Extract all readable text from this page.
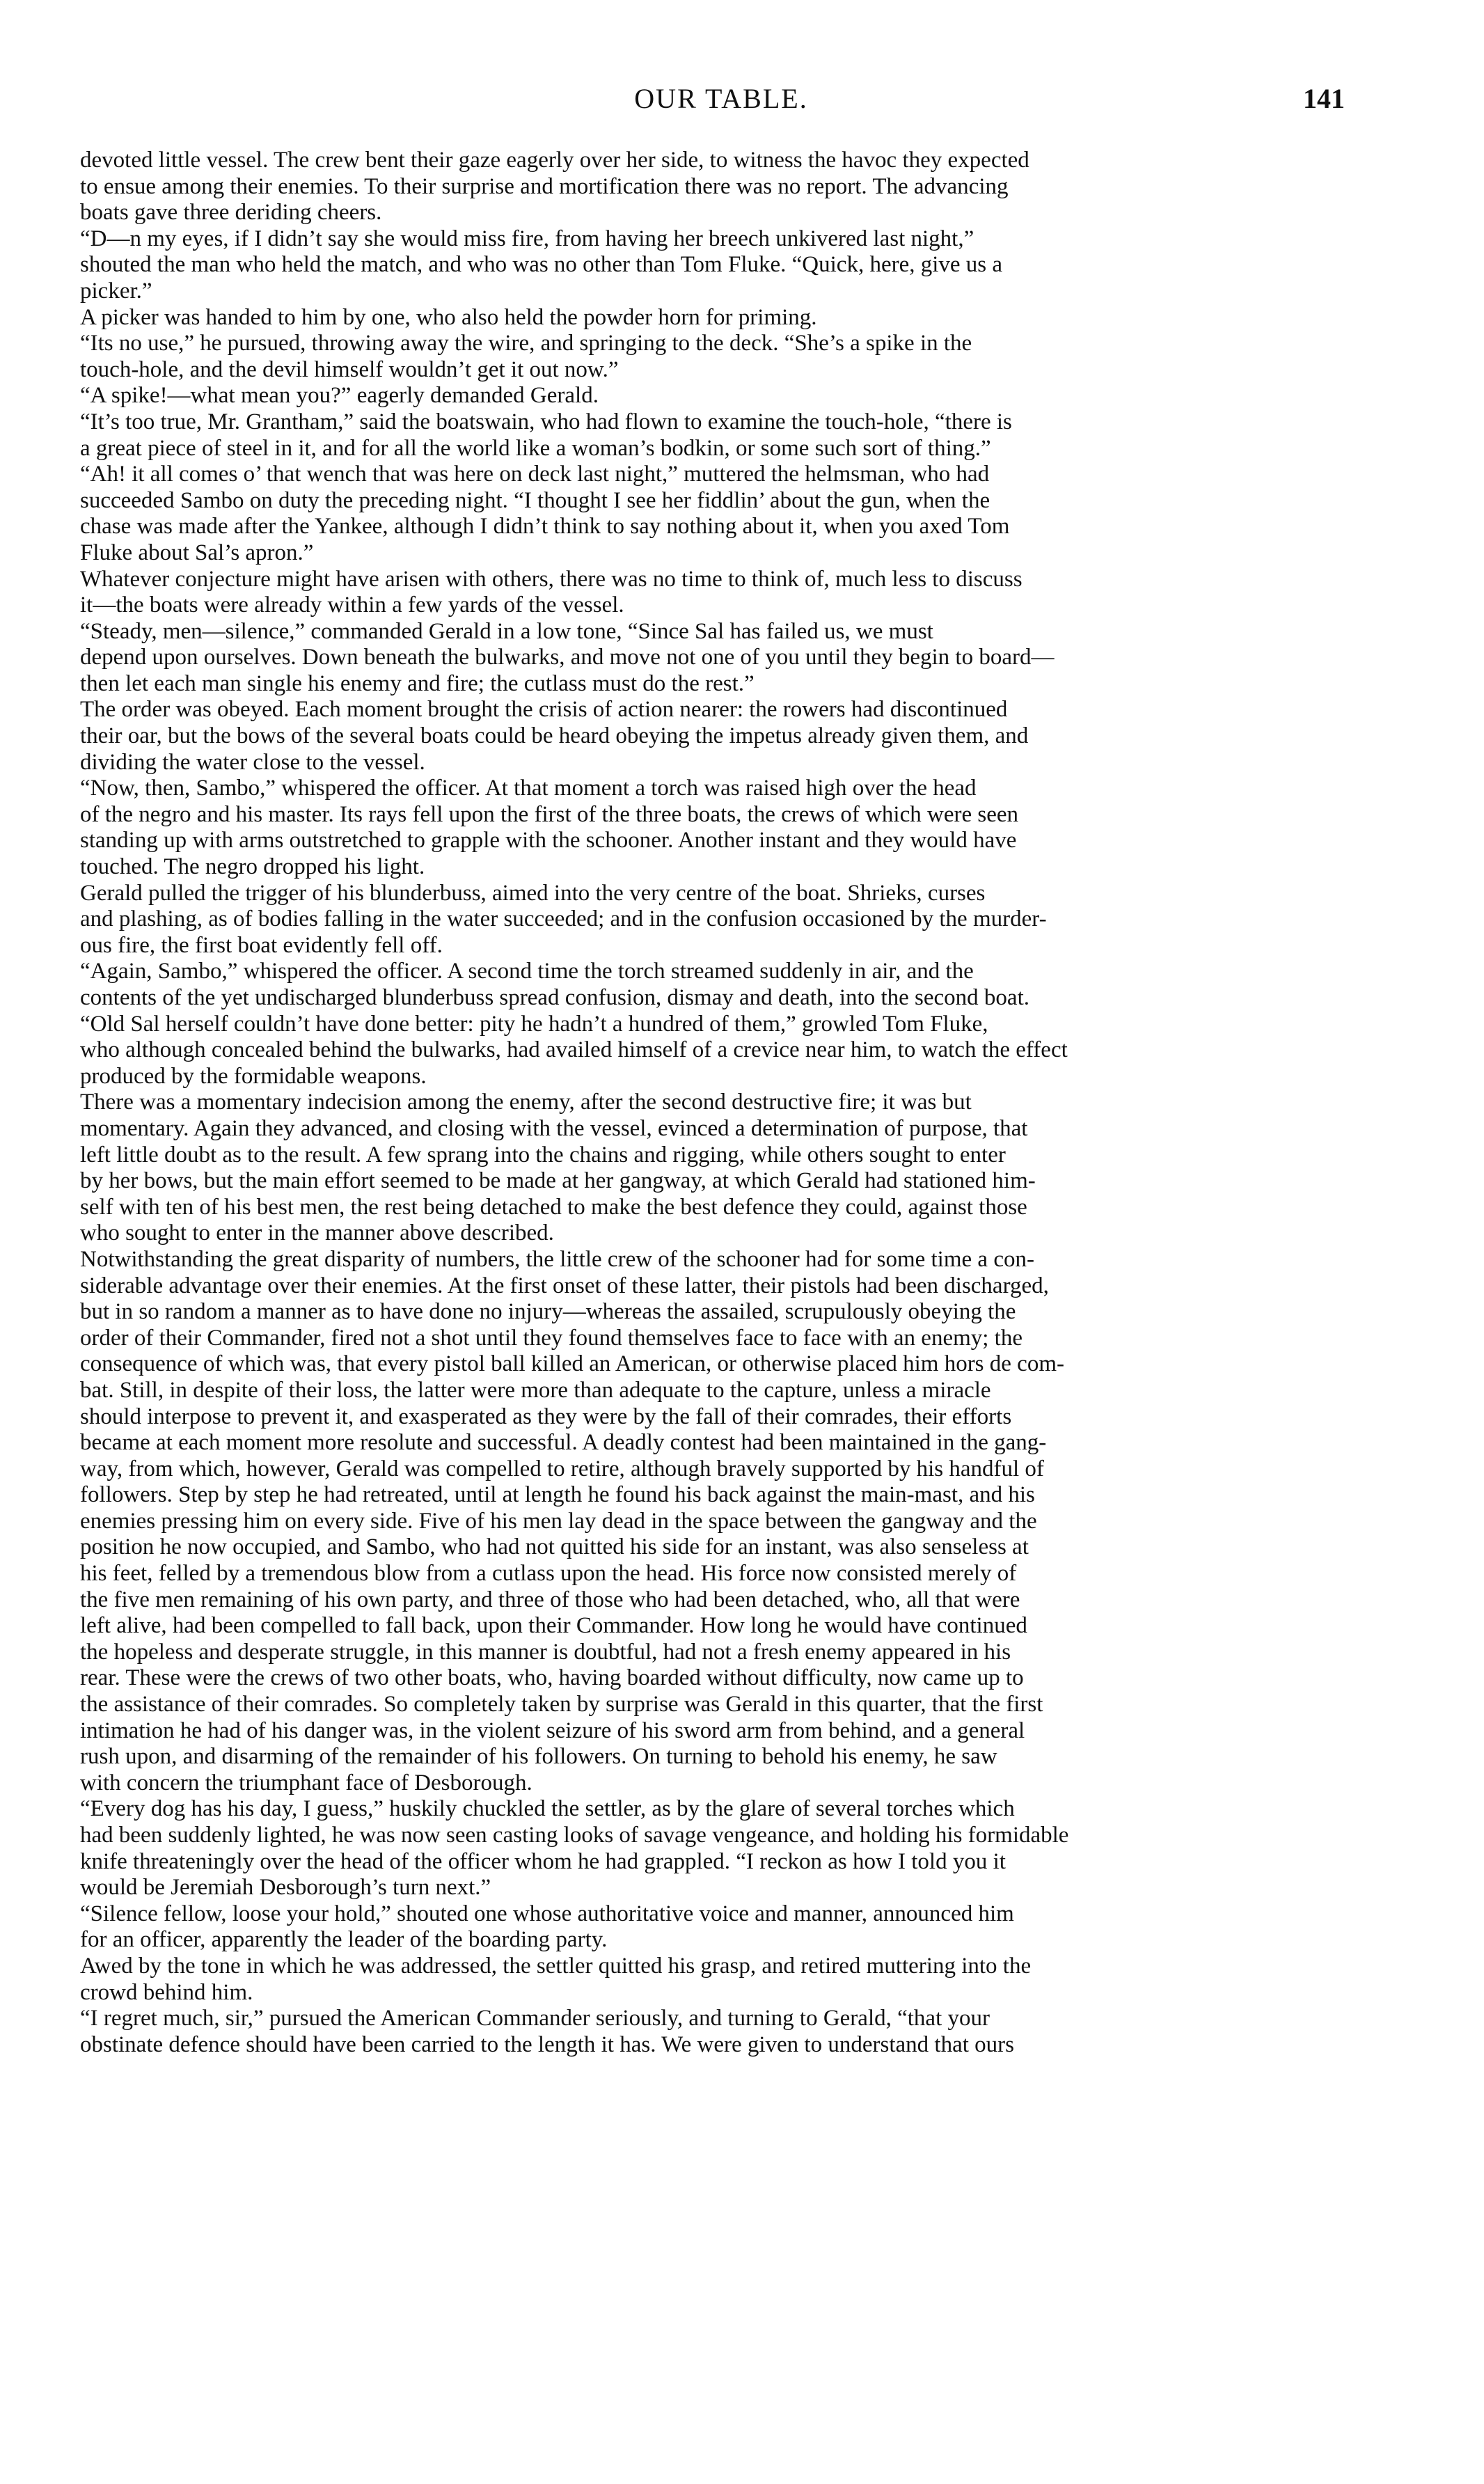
OUR TABLE.	141

devoted little vessel. The crew bent their gaze eagerly over her side, to witness the havoc they expected

to ensue among their enemies. To their surprise and mortification there was no report. The advancing

boats gave three deriding cheers.

“D—n my eyes, if I didn’t say she would miss fire, from having her breech unkivered last night,”

shouted the man who held the match, and who was no other than Tom Fluke. “Quick, here, give us a

picker.”

A picker was handed to him by one, who also held the powder horn for priming.

“Its no use,” he pursued, throwing away the wire, and springing to the deck. “She’s a spike in the

touch-hole, and the devil himself wouldn’t get it out now.”

“A spike!—what mean you?” eagerly demanded Gerald.

“It’s too true, Mr. Grantham,” said the boatswain, who had flown to examine the touch-hole, “there is

a great piece of steel in it, and for all the world like a woman’s bodkin, or some such sort of thing.”

“Ah! it all comes o’ that wench that was here on deck last night,” muttered the helmsman, who had

succeeded Sambo on duty the preceding night. “I thought I see her fiddlin’ about the gun, when the

chase was made after the Yankee, although I didn’t think to say nothing about it, when you axed Tom

Fluke about Sal’s apron.”

Whatever conjecture might have arisen with others, there was no time to think of, much less to discuss

it—the boats were already within a few yards of the vessel.

“Steady, men—silence,” commanded Gerald in a low tone, “Since Sal has failed us, we must

depend upon ourselves. Down beneath the bulwarks, and move not one of you until they begin to board—

then let each man single his enemy and fire; the cutlass must do the rest.”

The order was obeyed. Each moment brought the crisis of action nearer: the rowers had discontinued

their oar, but the bows of the several boats could be heard obeying the impetus already given them, and

dividing the water close to the vessel.

“Now, then, Sambo,” whispered the officer. At that moment a torch was raised high over the head

of the negro and his master. Its rays fell upon the first of the three boats, the crews of which were seen

standing up with arms outstretched to grapple with the schooner. Another instant and they would have

touched. The negro dropped his light.

Gerald pulled the trigger of his blunderbuss, aimed into the very centre of the boat. Shrieks, curses

and plashing, as of bodies falling in the water succeeded; and in the confusion occasioned by the murder-

ous fire, the first boat evidently fell off.

“Again, Sambo,” whispered the officer. A second time the torch streamed suddenly in air, and the

contents of the yet undischarged blunderbuss spread confusion, dismay and death, into the second boat.

“Old Sal herself couldn’t have done better: pity he hadn’t a hundred of them,” growled Tom Fluke,

who although concealed behind the bulwarks, had availed himself of a crevice near him, to watch the effect

produced by the formidable weapons.

There was a momentary indecision among the enemy, after the second destructive fire; it was but

momentary. Again they advanced, and closing with the vessel, evinced a determination of purpose, that

left little doubt as to the result. A few sprang into the chains and rigging, while others sought to enter

by her bows, but the main effort seemed to be made at her gangway, at which Gerald had stationed him-

self with ten of his best men, the rest being detached to make the best defence they could, against those

who sought to enter in the manner above described.

Notwithstanding the great disparity of numbers, the little crew of the schooner had for some time a con-

siderable advantage over their enemies. At the first onset of these latter, their pistols had been discharged,

but in so random a manner as to have done no injury—whereas the assailed, scrupulously obeying the

order of their Commander, fired not a shot until they found themselves face to face with an enemy; the

consequence of which was, that every pistol ball killed an American, or otherwise placed him hors de com-

bat. Still, in despite of their loss, the latter were more than adequate to the capture, unless a miracle

should interpose to prevent it, and exasperated as they were by the fall of their comrades, their efforts

became at each moment more resolute and successful. A deadly contest had been maintained in the gang-

way, from which, however, Gerald was compelled to retire, although bravely supported by his handful of

followers. Step by step he had retreated, until at length he found his back against the main-mast, and his

enemies pressing him on every side. Five of his men lay dead in the space between the gangway and the

position he now occupied, and Sambo, who had not quitted his side for an instant, was also senseless at

his feet, felled by a tremendous blow from a cutlass upon the head. His force now consisted merely of

the five men remaining of his own party, and three of those who had been detached, who, all that were

left alive, had been compelled to fall back, upon their Commander. How long he would have continued

the hopeless and desperate struggle, in this manner is doubtful, had not a fresh enemy appeared in his

rear. These were the crews of two other boats, who, having boarded without difficulty, now came up to

the assistance of their comrades. So completely taken by surprise was Gerald in this quarter, that the first

intimation he had of his danger was, in the violent seizure of his sword arm from behind, and a general

rush upon, and disarming of the remainder of his followers. On turning to behold his enemy, he saw

with concern the triumphant face of Desborough.

“Every dog has his day, I guess,” huskily chuckled the settler, as by the glare of several torches which

had been suddenly lighted, he was now seen casting looks of savage vengeance, and holding his formidable

knife threateningly over the head of the officer whom he had grappled. “I reckon as how I told you it

would be Jeremiah Desborough’s turn next.”

“Silence fellow, loose your hold,” shouted one whose authoritative voice and manner, announced him

for an officer, apparently the leader of the boarding party.

Awed by the tone in which he was addressed, the settler quitted his grasp, and retired muttering into the

crowd behind him.

“I regret much, sir,” pursued the American Commander seriously, and turning to Gerald, “that your

obstinate defence should have been carried to the length it has. We were given to understand that ours
